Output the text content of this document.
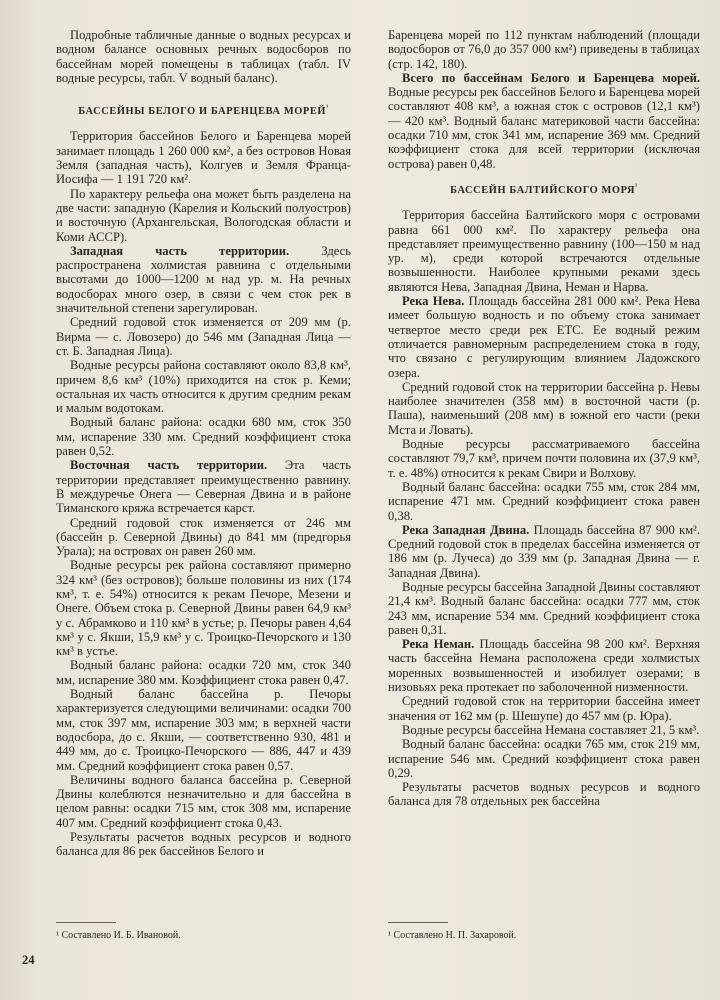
Подробные табличные данные о водных ресурсах и водном балансе основных речных водосборов по бассейнам морей помещены в таблицах (табл. IV водные ресурсы, табл. V водный баланс).

БАССЕЙНЫ БЕЛОГО И БАРЕНЦЕВА $МОРЕЙ^{^1}$

Территория бассейнов Белого и Баренцева морей занимает площадь 1 260 000 км², а без островов Новая Земля (западная часть), Колгуев и Земля Франца-Иосифа — 1 191 720 км².

По характеру рельефа она может быть разделена на две части: западную (Карелия и Кольский полуостров) и восточную (Архангельская, Вологодская области и Коми АССР).

Западная часть территории. Здесь распространена холмистая равнина с отдельными высотами до 1000—1200 м над ур. м. На речных водосборах много озер, в связи с чем сток рек в значительной степени зарегулирован.

Средний годовой сток изменяется от 209 мм (р. Вирма — с. Ловозеро) до 546 мм (Западная Лица — ст. Б. Западная Лица).

Водные ресурсы района составляют около 83,8 км³, причем 8,6 км³ (10%) приходится на сток р. Кеми; остальная их часть относится к другим средним рекам и малым водотокам.

Водный баланс района: осадки 680 мм, сток 350 мм, испарение 330 мм. Средний коэффициент стока равен 0,52.

Восточная часть территории. Эта часть территории представляет преимущественно равнину. В междуречье Онега — Северная Двина и в районе Тиманского кряжа встречается карст.

Средний годовой сток изменяется от 246 мм (бассейн р. Северной Двины) до 841 мм (предгорья Урала); на островах он равен 260 мм.

Водные ресурсы рек района составляют примерно 324 км³ (без островов); больше половины из них (174 км³, т. е. 54%) относится к рекам Печоре, Мезени и Онеге. Объем стока р. Северной Двины равен 64,9 км³ у с. Абрамково и 110 км³ в устье; р. Печоры равен 4,64 км³ у с. Якши, 15,9 км³ у с. Троицко-Печорского и 130 км³ в устье.

Водный баланс района: осадки 720 мм, сток 340 мм, испарение 380 мм. Коэффициент стока равен 0,47.

Водный баланс бассейна р. Печоры характеризуется следующими величинами: осадки 700 мм, сток 397 мм, испарение 303 мм; в верхней части водосбора, до с. Якши, — соответственно 930, 481 и 449 мм, до с. Троицко-Печорского — 886, 447 и 439 мм. Средний коэффициент стока равен 0,57.

Величины водного баланса бассейна р. Северной Двины колеблются незначительно и для бассейна в целом равны: осадки 715 мм, сток 308 мм, испарение 407 мм. Средний коэффициент стока 0,43.

Результаты расчетов водных ресурсов и водного баланса для 86 рек бассейнов Белого и

Баренцева морей по 112 пунктам наблюдений (площади водосборов от 76,0 до 357 000 км²) приведены в таблицах (стр. 142, 180).

Всего по бассейнам Белого и Баренцева морей. Водные ресурсы рек бассейнов Белого и Баренцева морей составляют 408 км³, а южная сток с островов (12,1 км³) — 420 км³. Водный баланс материковой части бассейна: осадки 710 мм, сток 341 мм, испарение 369 мм. Средний коэффициент стока для всей территории (исключая острова) равен 0,48.

БАССЕЙН БАЛТИЙСКОГО $МОРЯ^{^1}$

Территория бассейна Балтийского моря с островами равна 661 000 км². По характеру рельефа она представляет преимущественно равнину (100—150 м над ур. м), среди которой встречаются отдельные возвышенности. Наиболее крупными реками здесь являются Нева, Западная Двина, Неман и Нарва.

Река Нева. Площадь бассейна 281 000 км². Река Нева имеет большую водность и по объему стока занимает четвертое место среди рек ЕТС. Ее водный режим отличается равномерным распределением стока в году, что связано с регулирующим влиянием Ладожского озера.

Средний годовой сток на территории бассейна р. Невы наиболее значителен (358 мм) в восточной части (р. Паша), наименьший (208 мм) в южной его части (реки Мста и Ловать).

Водные ресурсы рассматриваемого бассейна составляют 79,7 км³, причем почти половина их (37,9 км³, т. е. 48%) относится к рекам Свири и Волхову.

Водный баланс бассейна: осадки 755 мм, сток 284 мм, испарение 471 мм. Средний коэффициент стока равен 0,38.

Река Западная Двина. Площадь бассейна 87 900 км². Средний годовой сток в пределах бассейна изменяется от 186 мм (р. Лучеса) до 339 мм (р. Западная Двина — г. Западная Двина).

Водные ресурсы бассейна Западной Двины составляют 21,4 км³. Водный баланс бассейна: осадки 777 мм, сток 243 мм, испарение 534 мм. Средний коэффициент стока равен 0,31.

Река Неман. Площадь бассейна 98 200 км². Верхняя часть бассейна Немана расположена среди холмистых моренных возвышенностей и изобилует озерами; в низовьях река протекает по заболоченной низменности.

Средний годовой сток на территории бассейна имеет значения от 162 мм (р. Шешупе) до 457 мм (р. Юра).

Водные ресурсы бассейна Немана составляет 21, 5 км³.

Водный баланс бассейна: осадки 765 мм, сток 219 мм, испарение 546 мм. Средний коэффициент стока равен 0,29.

Результаты расчетов водных ресурсов и водного баланса для 78 отдельных рек бассейна

¹ Составлено И. Б. Ивановой.	¹ Составлено Н. П. Захаровой.
24
